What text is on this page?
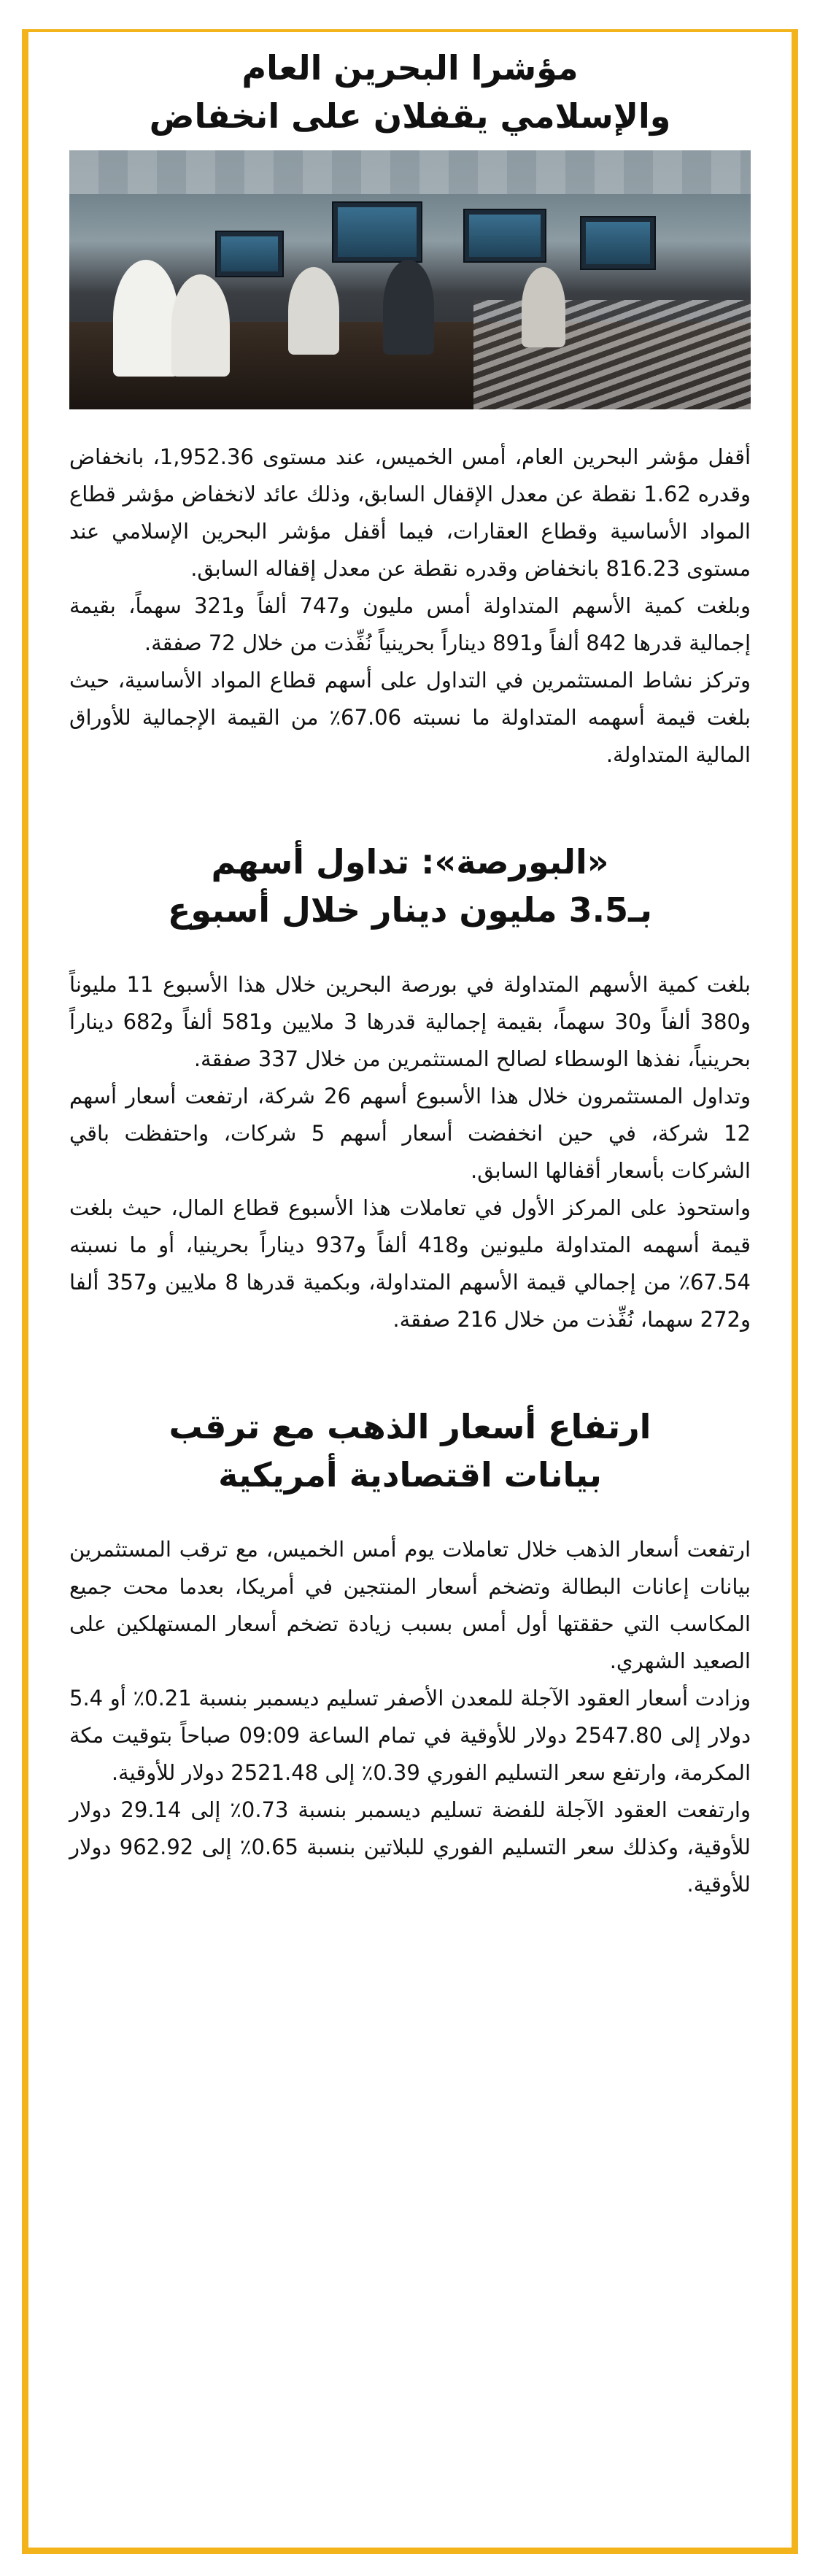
مؤشرا البحرين العام
والإسلامي يقفلان على انخفاض

أقفل مؤشر البحرين العام، أمس الخميس، عند مستوى 1,952.36، بانخفاض وقدره 1.62 نقطة عن معدل الإقفال السابق، وذلك عائد لانخفاض مؤشر قطاع المواد الأساسية وقطاع العقارات، فيما أقفل مؤشر البحرين الإسلامي عند مستوى 816.23 بانخفاض وقدره نقطة عن معدل إقفاله السابق.

وبلغت كمية الأسهم المتداولة أمس مليون و747 ألفاً و321 سهماً، بقيمة إجمالية قدرها 842 ألفاً و891 ديناراً بحرينياً نُفِّذت من خلال 72 صفقة.

وتركز نشاط المستثمرين في التداول على أسهم قطاع المواد الأساسية، حيث بلغت قيمة أسهمه المتداولة ما نسبته 67.06٪ من القيمة الإجمالية للأوراق المالية المتداولة.

«البورصة»: تداول أسهم
بـ3.5 مليون دينار خلال أسبوع

بلغت كمية الأسهم المتداولة في بورصة البحرين خلال هذا الأسبوع 11 مليوناً و380 ألفاً و30 سهماً، بقيمة إجمالية قدرها 3 ملايين و581 ألفاً و682 ديناراً بحرينياً، نفذها الوسطاء لصالح المستثمرين من خلال 337 صفقة.

وتداول المستثمرون خلال هذا الأسبوع أسهم 26 شركة، ارتفعت أسعار أسهم 12 شركة، في حين انخفضت أسعار أسهم 5 شركات، واحتفظت باقي الشركات بأسعار أقفالها السابق.

واستحوذ على المركز الأول في تعاملات هذا الأسبوع قطاع المال، حيث بلغت قيمة أسهمه المتداولة مليونين و418 ألفاً و937 ديناراً بحرينيا، أو ما نسبته 67.54٪ من إجمالي قيمة الأسهم المتداولة، وبكمية قدرها 8 ملايين و357 ألفا و272 سهما، نُفِّذت من خلال 216 صفقة.

ارتفاع أسعار الذهب مع ترقب
بيانات اقتصادية أمريكية

ارتفعت أسعار الذهب خلال تعاملات يوم أمس الخميس، مع ترقب المستثمرين بيانات إعانات البطالة وتضخم أسعار المنتجين في أمريكا، بعدما محت جميع المكاسب التي حققتها أول أمس بسبب زيادة تضخم أسعار المستهلكين على الصعيد الشهري.

وزادت أسعار العقود الآجلة للمعدن الأصفر تسليم ديسمبر بنسبة 0.21٪ أو 5.4 دولار إلى 2547.80 دولار للأوقية في تمام الساعة 09:09 صباحاً بتوقيت مكة المكرمة، وارتفع سعر التسليم الفوري 0.39٪ إلى 2521.48 دولار للأوقية.

وارتفعت العقود الآجلة للفضة تسليم ديسمبر بنسبة 0.73٪ إلى 29.14 دولار للأوقية، وكذلك سعر التسليم الفوري للبلاتين بنسبة 0.65٪ إلى 962.92 دولار للأوقية.
